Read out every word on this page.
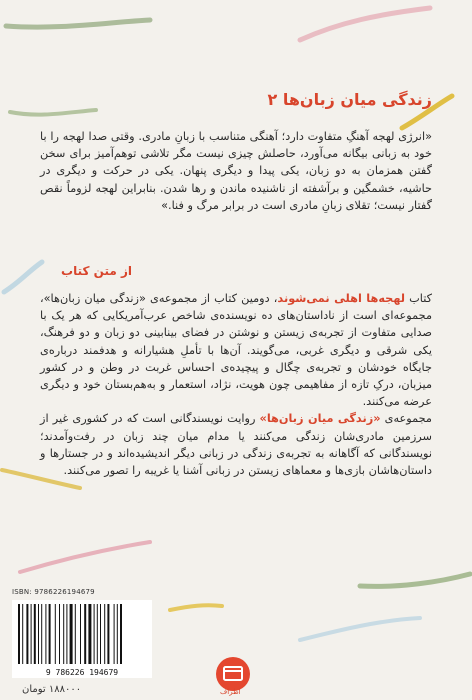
زندگی میان زبان‌ها ۲
«انرژی لهجه آهنگِ متفاوت دارد؛ آهنگی متناسب با زبانِ مادری. وقتی صدا لهجه را با خود به زبانی بیگانه می‌آورد، حاصلش چیزی نیست مگر تلاشی توهم‌آمیز برای سخن گفتن همزمان به دو زبان، یکی پیدا و دیگری پنهان. یکی در حرکت و دیگری در حاشیه، خشمگین و برآشفته از ناشنیده ماندن و رها شدن. بنابراین لهجه لزوماً نقص گفتار نیست؛ تقلای زبانِ مادری است در برابر مرگ و فنا.»
از متن کتاب
کتاب لهجه‌ها اهلی نمی‌شوند، دومین کتاب از مجموعه‌ی «زندگی میان زبان‌ها»، مجموعه‌ای است از ناداستان‌های ده نویسنده‌ی شاخص عرب‌آمریکایی که هر یک با صدایی متفاوت از تجربه‌ی زیستن و نوشتن در فضای بینابینی دو زبان و دو فرهنگ، یکی شرقی و دیگری غربی، می‌گویند. آن‌ها با تأملِ هشیارانه و هدفمند درباره‌ی جایگاه خودشان و تجربه‌ی چگال و پیچیده‌ی احساس غربت در وطن و در کشور میزبان، درکِ تازه از مفاهیمی چون هویت، نژاد، استعمار و به‌هم‌بستان خود و دیگری عرضه می‌کنند.
مجموعه‌ی «زندگی میان زبان‌ها» روایت نویسندگانی است که در کشوری غیر از سرزمین مادری‌شان زندگی می‌کنند یا مدام میان چند زبان در رفت‌وآمدند؛ نویسندگانی که آگاهانه به تجربه‌ی زندگی در زبانی دیگر اندیشیده‌اند و در جستارها و داستان‌هاشان بازی‌ها و معماهای زیستن در زبانی آشنا یا غریبه را تصور می‌کنند.
ISBN: 9786226194679
9 786226 194679
۱۸۸۰۰۰ تومان	اطراف
